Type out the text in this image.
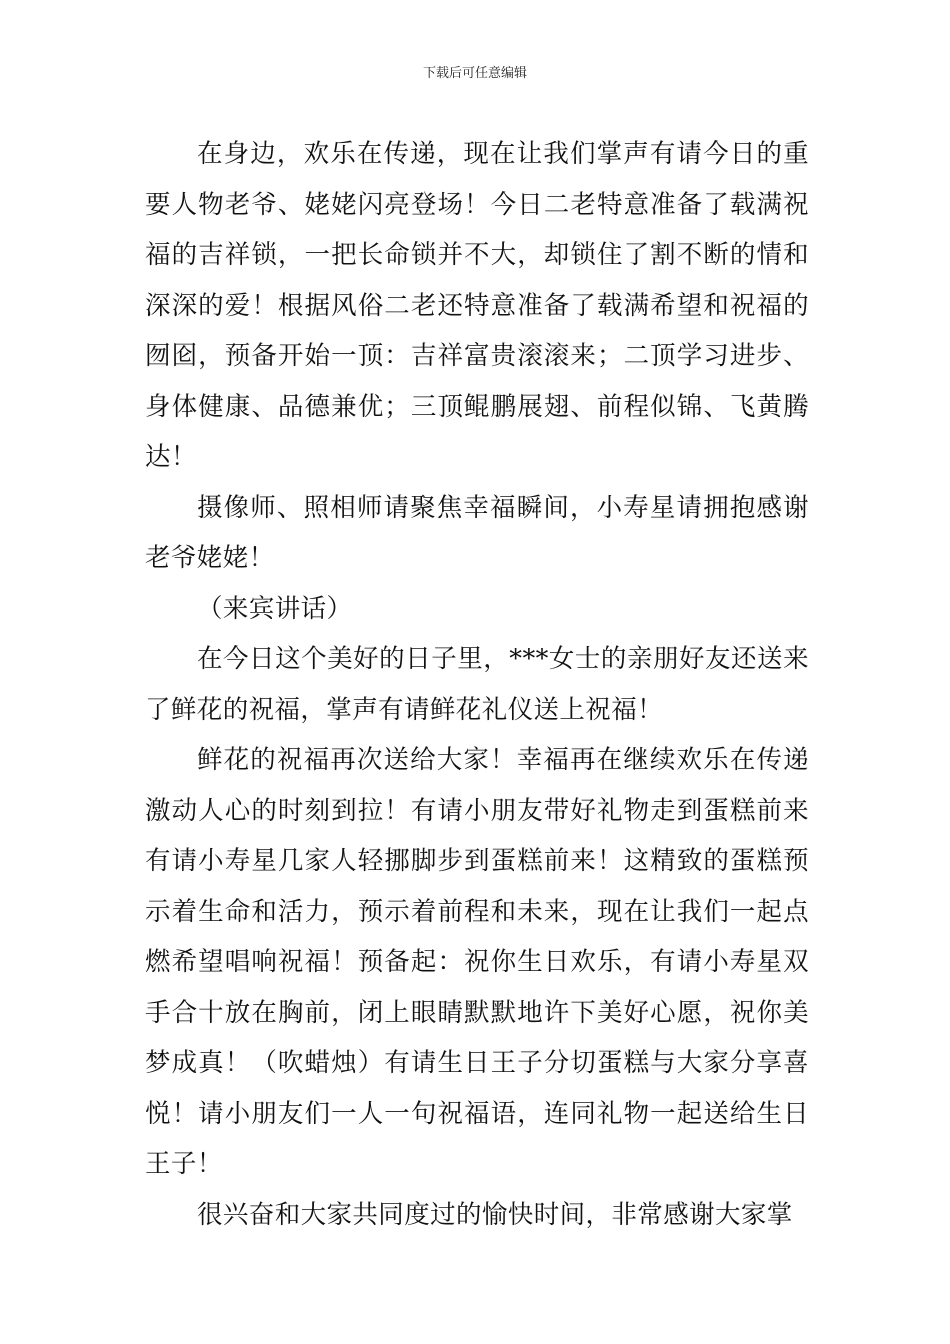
下载后可任意编辑

在身边，欢乐在传递，现在让我们掌声有请今日的重要人物老爷、姥姥闪亮登场！今日二老特意准备了载满祝福的吉祥锁，一把长命锁并不大，却锁住了割不断的情和深深的爱！根据风俗二老还特意准备了载满希望和祝福的囫囵，预备开始一顶：吉祥富贵滚滚来；二顶学习进步、身体健康、品德兼优；三顶鲲鹏展翅、前程似锦、飞黄腾达！

摄像师、照相师请聚焦幸福瞬间，小寿星请拥抱感谢老爷姥姥！

（来宾讲话）

在今日这个美好的日子里，***女士的亲朋好友还送来了鲜花的祝福，掌声有请鲜花礼仪送上祝福！

鲜花的祝福再次送给大家！幸福再在继续欢乐在传递激动人心的时刻到拉！有请小朋友带好礼物走到蛋糕前来有请小寿星几家人轻挪脚步到蛋糕前来！这精致的蛋糕预示着生命和活力，预示着前程和未来，现在让我们一起点燃希望唱响祝福！预备起：祝你生日欢乐，有请小寿星双手合十放在胸前，闭上眼睛默默地许下美好心愿，祝你美梦成真！（吹蜡烛）有请生日王子分切蛋糕与大家分享喜悦！请小朋友们一人一句祝福语，连同礼物一起送给生日王子！

很兴奋和大家共同度过的愉快时间，非常感谢大家掌
